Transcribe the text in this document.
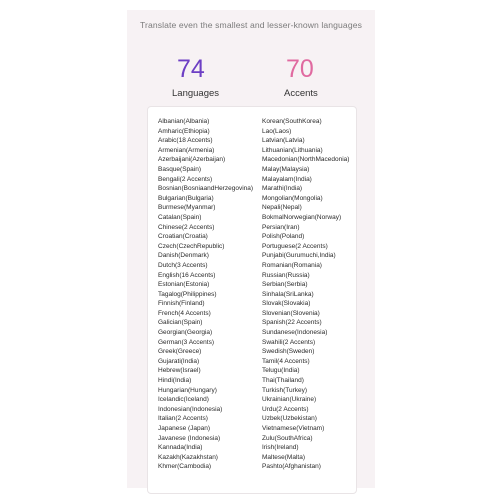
Translate even the smallest and lesser-known languages
74	70
Languages	Accents
Albanian(Albania)
Amharic(Ethiopia)
Arabic(18 Accents)
Armenian(Armenia)
Azerbaijani(Azerbaijan)
Basque(Spain)
Bengali(2 Accents)
Bosnian(BosniaandHerzegovina)
Bulgarian(Bulgaria)
Burmese(Myanmar)
Catalan(Spain)
Chinese(2 Accents)
Croatian(Croatia)
Czech(CzechRepublic)
Danish(Denmark)
Dutch(3 Accents)
English(16 Accents)
Estonian(Estonia)
Tagalog(Philippines)
Finnish(Finland)
French(4 Accents)
Galician(Spain)
Georgian(Georgia)
German(3 Accents)
Greek(Greece)
Gujarati(India)
Hebrew(Israel)
Hindi(India)
Hungarian(Hungary)
Icelandic(Iceland)
Indonesian(Indonesia)
Italian(2 Accents)
Japanese (Japan)
Javanese (Indonesia)
Kannada(India)
Kazakh(Kazakhstan)
Khmer(Cambodia)
Korean(SouthKorea)
Lao(Laos)
Latvian(Latvia)
Lithuanian(Lithuania)
Macedonian(NorthMacedonia)
Malay(Malaysia)
Malayalam(India)
Marathi(India)
Mongolian(Mongolia)
Nepali(Nepal)
BokmalNorwegian(Norway)
Persian(Iran)
Polish(Poland)
Portuguese(2 Accents)
Punjabi(Gurumuchi,India)
Romanian(Romania)
Russian(Russia)
Serbian(Serbia)
Sinhala(SriLanka)
Slovak(Slovakia)
Slovenian(Slovenia)
Spanish(22 Accents)
Sundanese(Indonesia)
Swahili(2 Accents)
Swedish(Sweden)
Tamil(4 Accents)
Telugu(India)
Thai(Thailand)
Turkish(Turkey)
Ukrainian(Ukraine)
Urdu(2 Accents)
Uzbek(Uzbekistan)
Vietnamese(Vietnam)
Zulu(SouthAfrica)
Irish(Ireland)
Maltese(Malta)
Pashto(Afghanistan)
